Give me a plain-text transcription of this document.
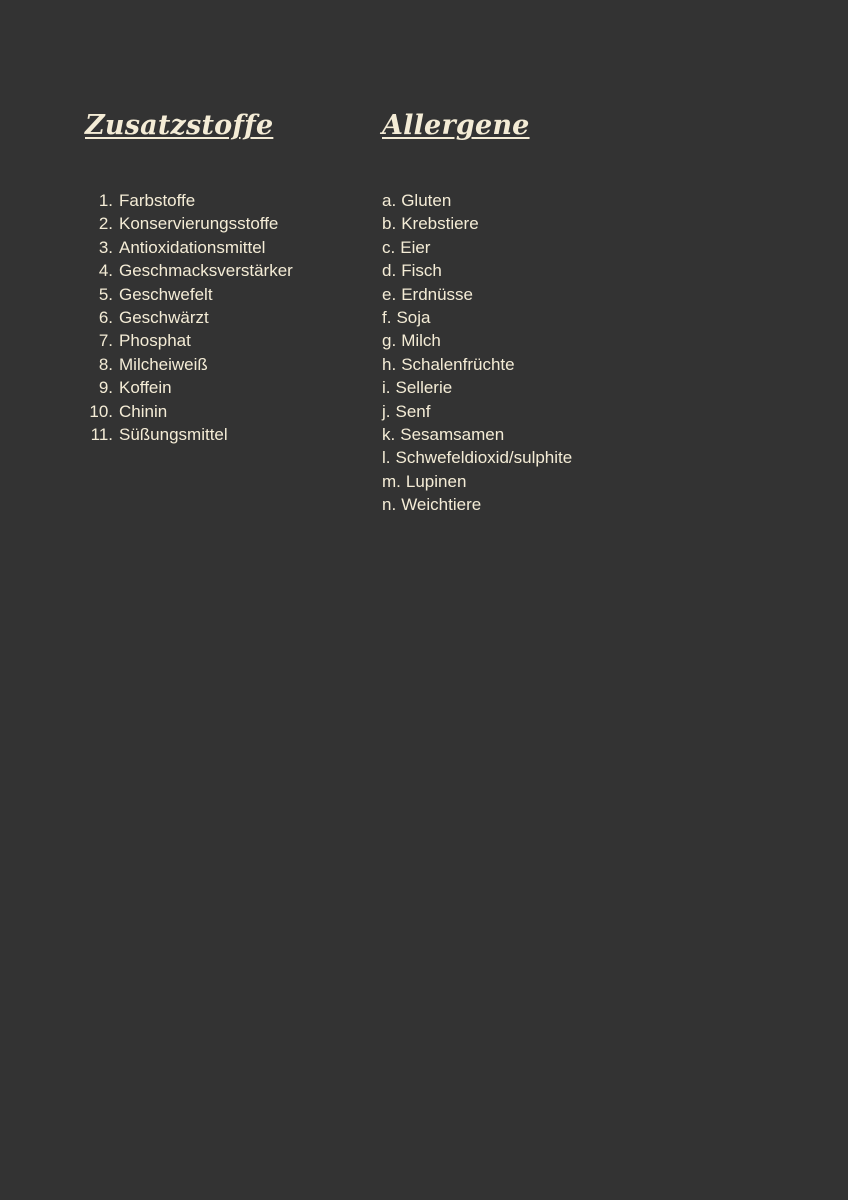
Zusatzstoffe
1. Farbstoffe
2. Konservierungsstoffe
3. Antioxidationsmittel
4. Geschmacksverstärker
5. Geschwefelt
6. Geschwärzt
7. Phosphat
8. Milcheiweiß
9. Koffein
10. Chinin
11. Süßungsmittel
Allergene
a. Gluten
b. Krebstiere
c. Eier
d. Fisch
e. Erdnüsse
f. Soja
g. Milch
h. Schalenfrüchte
i. Sellerie
j. Senf
k. Sesamsamen
l. Schwefeldioxid/sulphite
m. Lupinen
n. Weichtiere
